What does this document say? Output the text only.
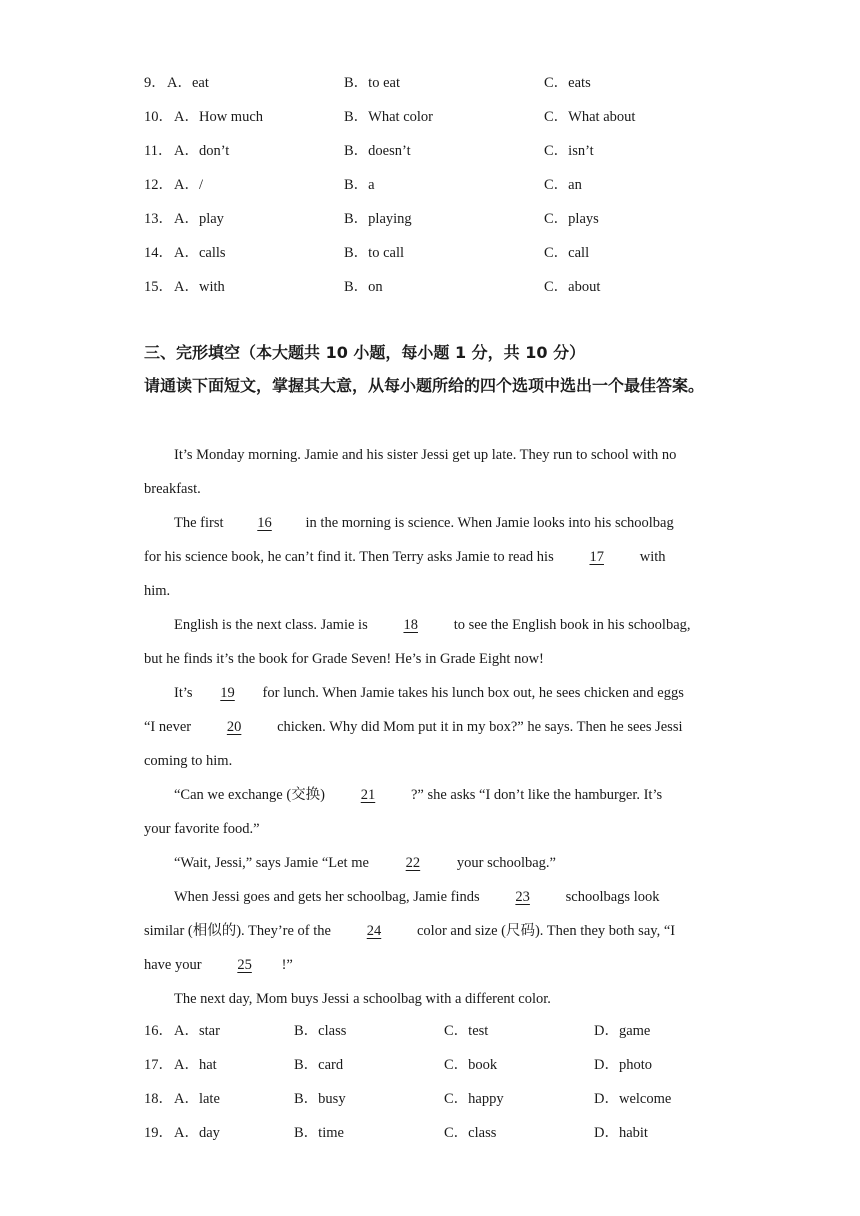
9． A．eat	B．to eat	C．eats
10． A．How much	B．What color	C．What about
11． A．don’t	B．doesn’t	C．isn’t
12． A．/	B．a	C．an
13． A．play	B．playing	C．plays
14． A．calls	B．to call	C．call
15． A．with	B．on	C．about
三、完形填空（本大题共 10 小题，每小题 1 分，共 10 分）
请通读下面短文，掌握其大意，从每小题所给的四个选项中选出一个最佳答案。
It’s Monday morning. Jamie and his sister Jessi get up late. They run to school with no
breakfast.
The first 16 in the morning is science. When Jamie looks into his schoolbag
for his science book, he can’t find it. Then Terry asks Jamie to read his 17 with
him.
English is the next class. Jamie is 18 to see the English book in his schoolbag,
but he finds it’s the book for Grade Seven! He’s in Grade Eight now!
It’s 19 for lunch. When Jamie takes his lunch box out, he sees chicken and eggs
“I never 20 chicken. Why did Mom put it in my box?” he says. Then he sees Jessi
coming to him.
“Can we exchange (交换) 21 ?” she asks “I don’t like the hamburger. It’s
your favorite food.”
“Wait, Jessi,” says Jamie “Let me	22	your schoolbag.”
When Jessi goes and gets her schoolbag, Jamie finds 23 schoolbags look
similar (相似的). They’re of the 24 color and size (尺码). Then they both say, “I
have your 25 !”
The next day, Mom buys Jessi a schoolbag with a different color.
16． A．star	B．class	C．test	D．game
17． A．hat	B．card	C．book	D．photo
18． A．late	B．busy	C．happy	D．welcome
19． A．day	B．time	C．class	D．habit
